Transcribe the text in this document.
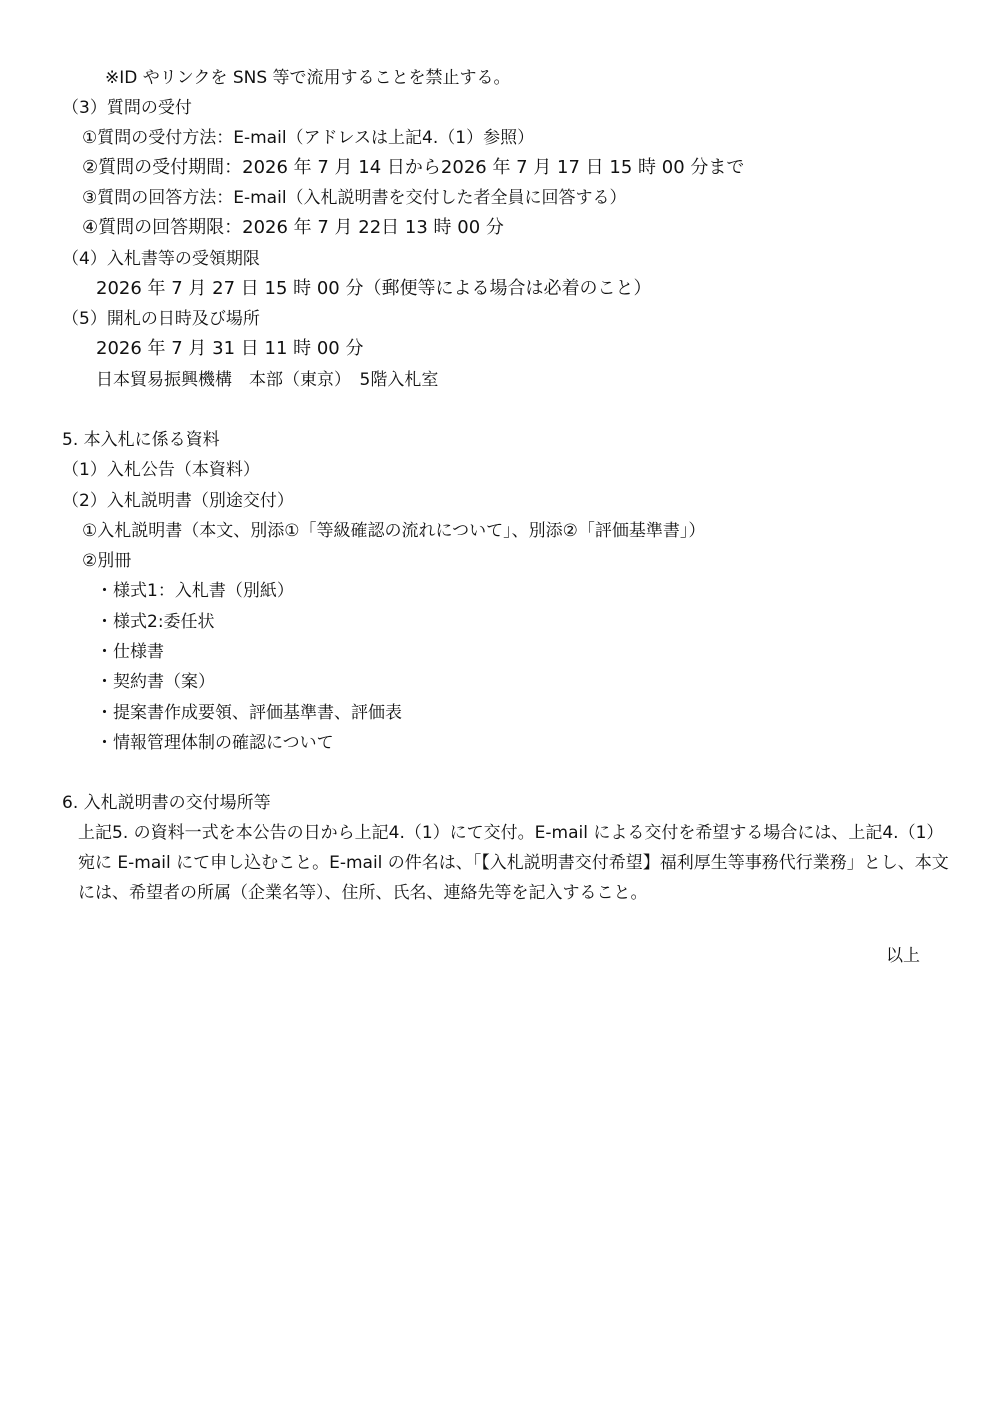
※ID やリンクを SNS 等で流用することを禁止する。
（3）質問の受付
①質問の受付方法：E-mail（アドレスは上記4.（1）参照）
②質問の受付期間：2026 年 7 月 14 日から2026 年 7 月 17 日 15 時 00 分まで
③質問の回答方法：E-mail（入札説明書を交付した者全員に回答する）
④質問の回答期限：2026 年 7 月 22日 13 時 00 分
（4）入札書等の受領期限
2026 年 7 月 27 日 15 時 00 分（郵便等による場合は必着のこと）
（5）開札の日時及び場所
2026 年 7 月 31 日 11 時 00 分
日本貿易振興機構　本部（東京）　5階入札室
5. 本入札に係る資料
（1）入札公告（本資料）
（2）入札説明書（別途交付）
①入札説明書（本文、別添①「等級確認の流れについて」、別添②「評価基準書」）
②別冊
・様式1：入札書（別紙）
・様式2:委任状
・仕様書
・契約書（案）
・提案書作成要領、評価基準書、評価表
・情報管理体制の確認について
6. 入札説明書の交付場所等
上記5. の資料一式を本公告の日から上記4.（1）にて交付。E-mail による交付を希望する場合には、上記4.（1）
宛に E-mail にて申し込むこと。E-mail の件名は、「【入札説明書交付希望】福利厚生等事務代行業務」とし、本文
には、希望者の所属（企業名等）、住所、氏名、連絡先等を記入すること。
以上
